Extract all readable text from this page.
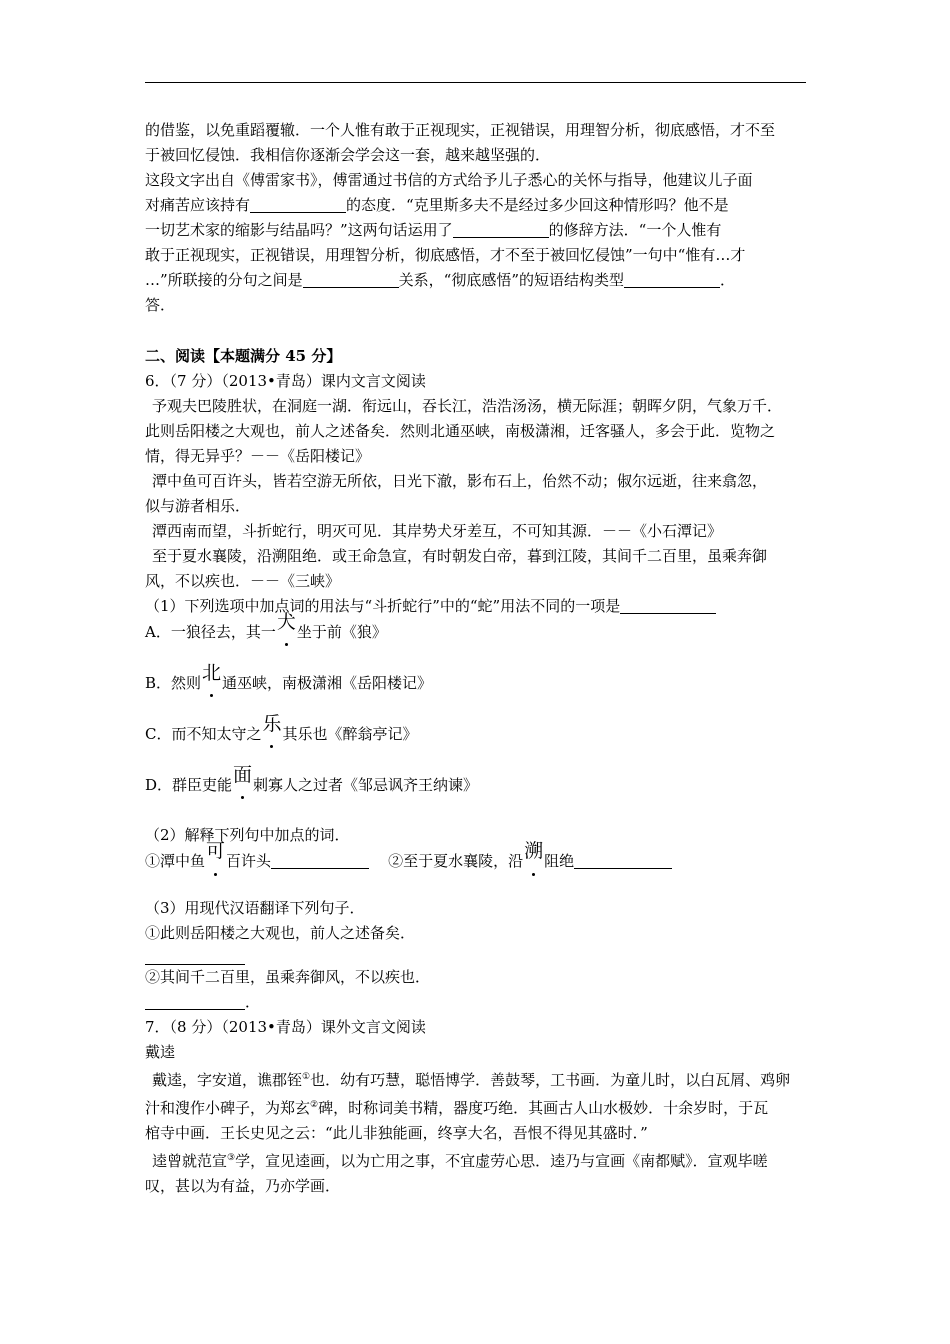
的借鉴，以免重蹈覆辙．一个人惟有敢于正视现实，正视错误，用理智分析，彻底感悟，才不至

于被回忆侵蚀．我相信你逐渐会学会这一套，越来越坚强的．

这段文字出自《傅雷家书》，傅雷通过书信的方式给予儿子悉心的关怀与指导，他建议儿子面
对痛苦应该持有	的态度．“克里斯多夫不是经过多少回这种情形吗？他不是
一切艺术家的缩影与结晶吗？”这两句话运用了	的修辞方法．“一个人惟有
敢于正视现实，正视错误，用理智分析，彻底感悟，才不至于被回忆侵蚀”一句中“惟有…才
…”所联接的分句之间是	关系，“彻底感悟”的短语结构类型	．

答．

二、阅读【本题满分 45 分】

6．（7 分）（2013•青岛）课内文言文阅读

予观夫巴陵胜状，在洞庭一湖．衔远山，吞长江，浩浩汤汤，横无际涯；朝晖夕阴，气象万千．

此则岳阳楼之大观也，前人之述备矣．然则北通巫峡，南极潇湘，迁客骚人，多会于此．览物之

情，得无异乎？－－《岳阳楼记》

潭中鱼可百许头，皆若空游无所依，日光下澈，影布石上，佁然不动；俶尔远逝，往来翕忽，

似与游者相乐．

潭西南而望，斗折蛇行，明灭可见．其岸势犬牙差互，不可知其源．－－《小石潭记》

至于夏水襄陵，沿溯阻绝．或王命急宣，有时朝发白帝，暮到江陵，其间千二百里，虽乘奔御

风，不以疾也．－－《三峡》

（1）下列选项中加点词的用法与“斗折蛇行”中的“蛇”用法不同的一项是

A．一狼径去，其一犬坐于前《狼》

B．然则北通巫峡，南极潇湘《岳阳楼记》

C．而不知太守之乐其乐也《醉翁亭记》

D．群臣吏能面刺寡人之过者《邹忌讽齐王纳谏》

（2）解释下列句中加点的词．

①潭中鱼可百许头	②至于夏水襄陵，沿溯阻绝

（3）用现代汉语翻译下列句子．

①此则岳阳楼之大观也，前人之述备矣．

②其间千二百里，虽乘奔御风，不以疾也．

．

7．（8 分）（2013•青岛）课外文言文阅读

戴逵

戴逵，字安道，谯郡铚①也．幼有巧慧，聪悟博学．善鼓琴，工书画．为童儿时，以白瓦屑、鸡卵

汁和溲作小碑子，为郑玄②碑，时称词美书精，器度巧绝．其画古人山水极妙．十余岁时，于瓦

棺寺中画．王长史见之云：“此儿非独能画，终享大名，吾恨不得见其盛时．”

逵曾就范宣③学，宣见逵画，以为亡用之事，不宜虚劳心思．逵乃与宣画《南都赋》．宣观毕嗟

叹，甚以为有益，乃亦学画．
